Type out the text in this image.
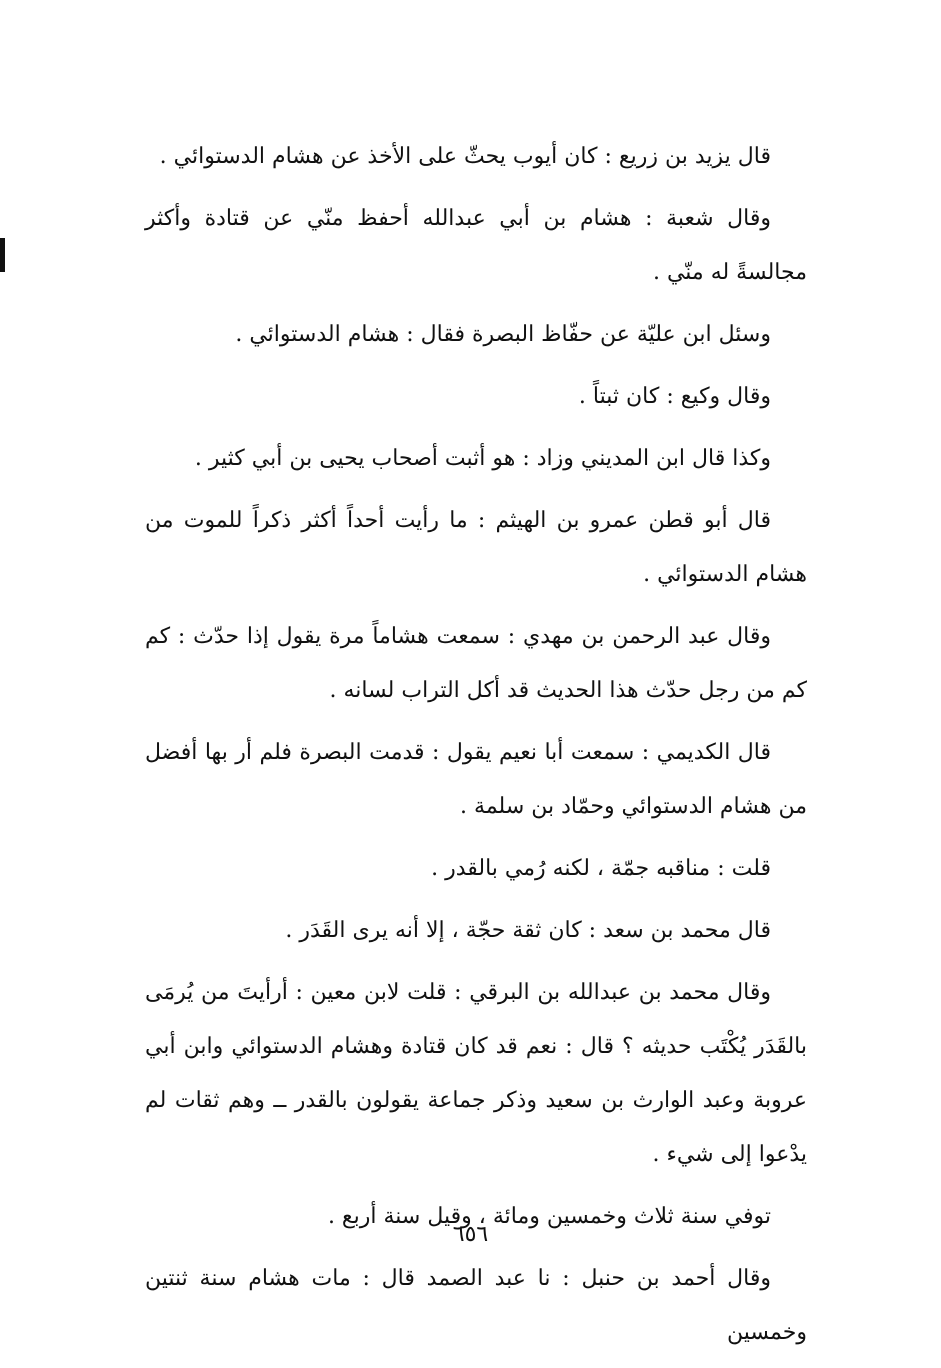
قال يزيد بن زريع : كان أيوب يحثّ على الأخذ عن هشام الدستوائي .

وقال شعبة : هشام بن أبي عبدالله أحفظ منّي عن قتادة وأكثر مجالسةً له منّي .

وسئل ابن عليّة عن حفّاظ البصرة فقال : هشام الدستوائي .

وقال وكيع : كان ثبتاً .

وكذا قال ابن المديني وزاد : هو أثبت أصحاب يحيى بن أبي كثير .

قال أبو قطن عمرو بن الهيثم : ما رأيت أحداً أكثر ذكراً للموت من هشام الدستوائي .

وقال عبد الرحمن بن مهدي : سمعت هشاماً مرة يقول إذا حدّث : كم كم من رجل حدّث هذا الحديث قد أكل التراب لسانه .

قال الكديمي : سمعت أبا نعيم يقول : قدمت البصرة فلم أر بها أفضل من هشام الدستوائي وحمّاد بن سلمة .

قلت : مناقبه جمّة ، لكنه رُمي بالقدر .

قال محمد بن سعد : كان ثقة حجّة ، إلا أنه يرى القَدَر .

وقال محمد بن عبدالله بن البرقي : قلت لابن معين : أرأيتَ من يُرمَى بالقَدَر يُكْتَب حديثه ؟ قال : نعم قد كان قتادة وهشام الدستوائي وابن أبي عروبة وعبد الوارث بن سعيد وذكر جماعة يقولون بالقدر ــ وهم ثقات لم يدْعوا إلى شيء .

توفي سنة ثلاث وخمسين ومائة ، وقيل سنة أربع .

وقال أحمد بن حنبل : نا عبد الصمد قال : مات هشام سنة ثنتين وخمسين

٦٥٦
